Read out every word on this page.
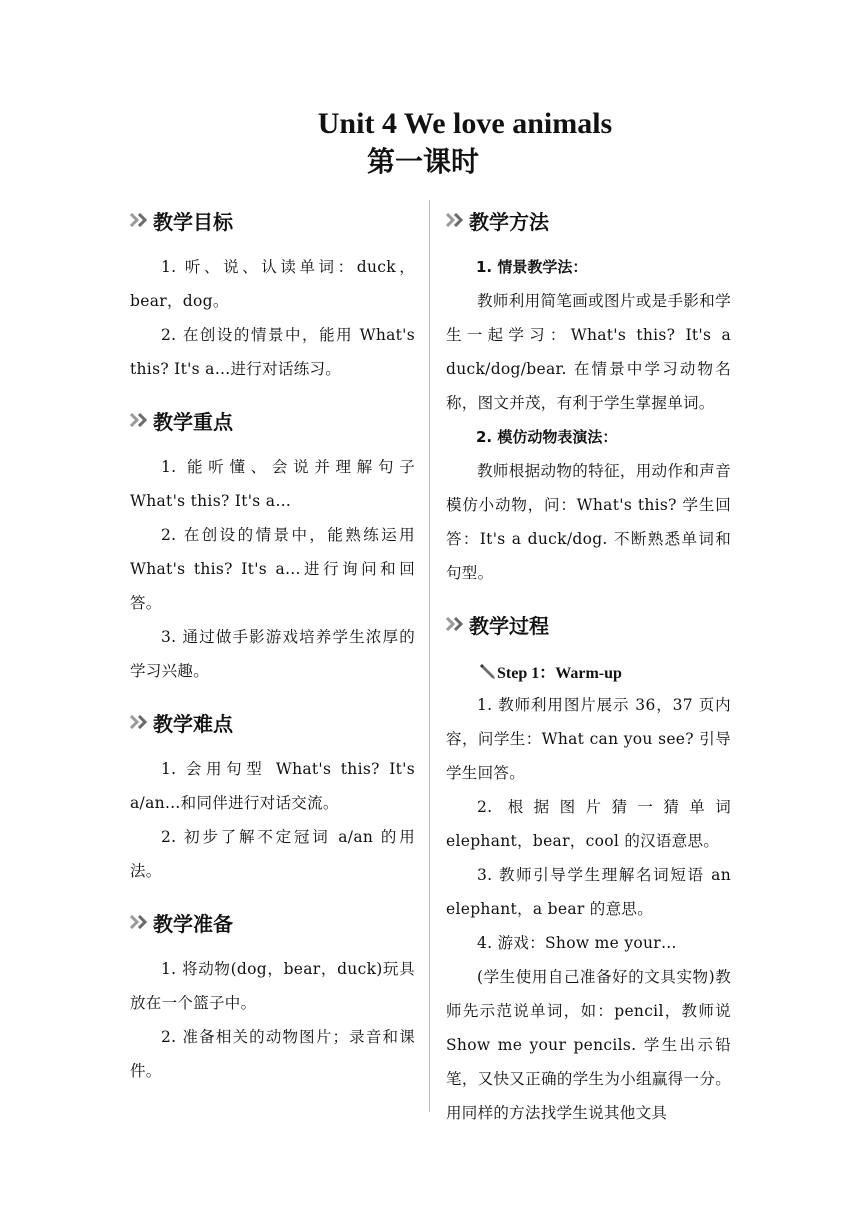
Unit 4 We love animals
第一课时
教学目标

1. 听、说、认读单词：duck，bear，dog。

2. 在创设的情景中，能用 What's this? It's a…进行对话练习。

教学重点

1. 能听懂、会说并理解句子 What's this? It's a…

2. 在创设的情景中，能熟练运用 What's this? It's a…进行询问和回答。

3. 通过做手影游戏培养学生浓厚的学习兴趣。

教学难点

1. 会用句型 What's this? It's a/an…和同伴进行对话交流。

2. 初步了解不定冠词 a/an 的用法。

教学准备

1. 将动物(dog，bear，duck)玩具放在一个篮子中。

2. 准备相关的动物图片；录音和课件。

教学方法

1. 情景教学法：

教师利用简笔画或图片或是手影和学生一起学习：What's this? It's a duck/dog/bear. 在情景中学习动物名称，图文并茂，有利于学生掌握单词。

2. 模仿动物表演法：

教师根据动物的特征，用动作和声音模仿小动物，问：What's this? 学生回答：It's a duck/dog. 不断熟悉单词和句型。

教学过程
Step 1：Warm-up

1. 教师利用图片展示 36，37 页内容，问学生：What can you see? 引导学生回答。

2. 根据图片猜一猜单词 elephant，bear，cool 的汉语意思。

3. 教师引导学生理解名词短语 an elephant，a bear 的意思。

4. 游戏：Show me your…

(学生使用自己准备好的文具实物)教师先示范说单词，如：pencil，教师说 Show me your pencils. 学生出示铅笔，又快又正确的学生为小组赢得一分。用同样的方法找学生说其他文具
